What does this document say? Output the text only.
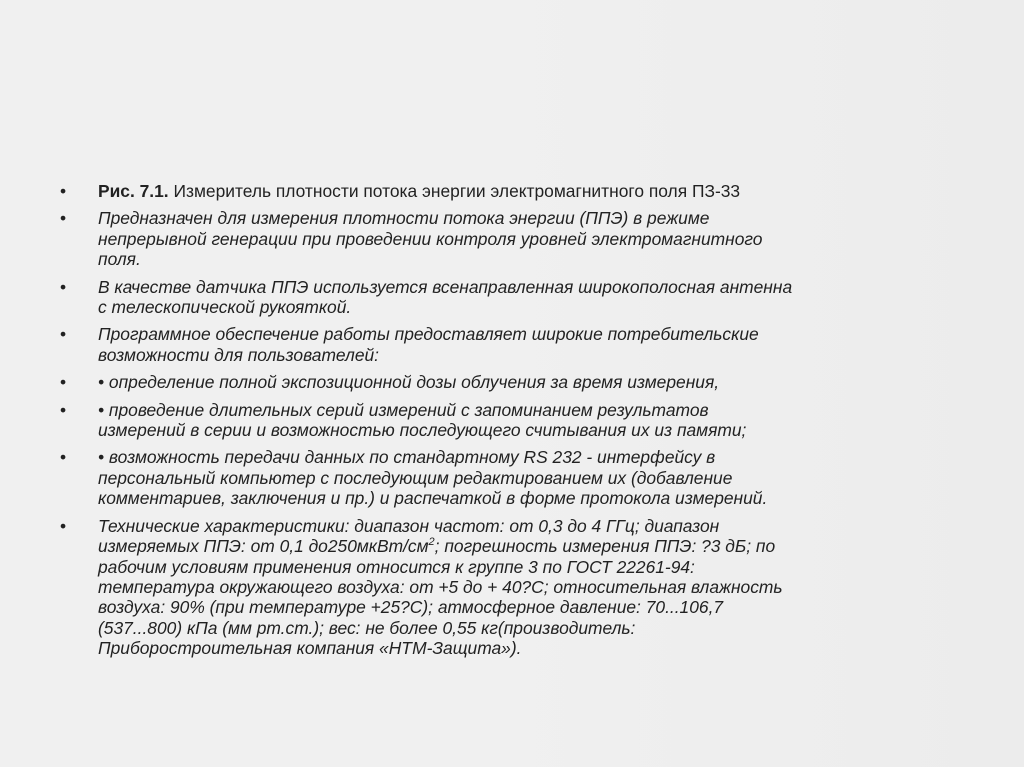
•	Рис. 7.1. Измеритель плотности потока энергии электромагнитного поля ПЗ-33
•	Предназначен для измерения плотности потока энергии (ППЭ) в режиме
непрерывной генерации при проведении контроля уровней электромагнитного
поля.
•	В качестве датчика ППЭ используется всенаправленная широкополосная антенна
с телескопической рукояткой.
•	Программное обеспечение работы предоставляет широкие потребительские
возможности для пользователей:
•	• определение полной экспозиционной дозы облучения за время измерения,
•	• проведение длительных серий измерений с запоминанием результатов
измерений в серии и возможностью последующего считывания их из памяти;
•	• возможность передачи данных по стандартному RS 232 - интерфейсу в
персональный компьютер с последующим редактированием их (добавление
комментариев, заключения и пр.) и распечаткой в форме протокола измерений.
•	Технические характеристики: диапазон частот: от 0,3 до 4 ГГц; диапазон
измеряемых ППЭ: от 0,1 $до250мкВт/см^2$; погрешность измерения ППЭ: ?3 дБ; по
рабочим условиям применения относится к группе 3 по ГОСТ 22261-94:
температура окружающего воздуха: от +5 до + 40?С; относительная влажность
воздуха: 90% (при температуре +25?С); атмосферное давление: 70...106,7
(537...800) кПа (мм рт.ст.); вес: не более 0,55 кг(производитель:
Приборостроительная компания «НТМ-Защита»).
